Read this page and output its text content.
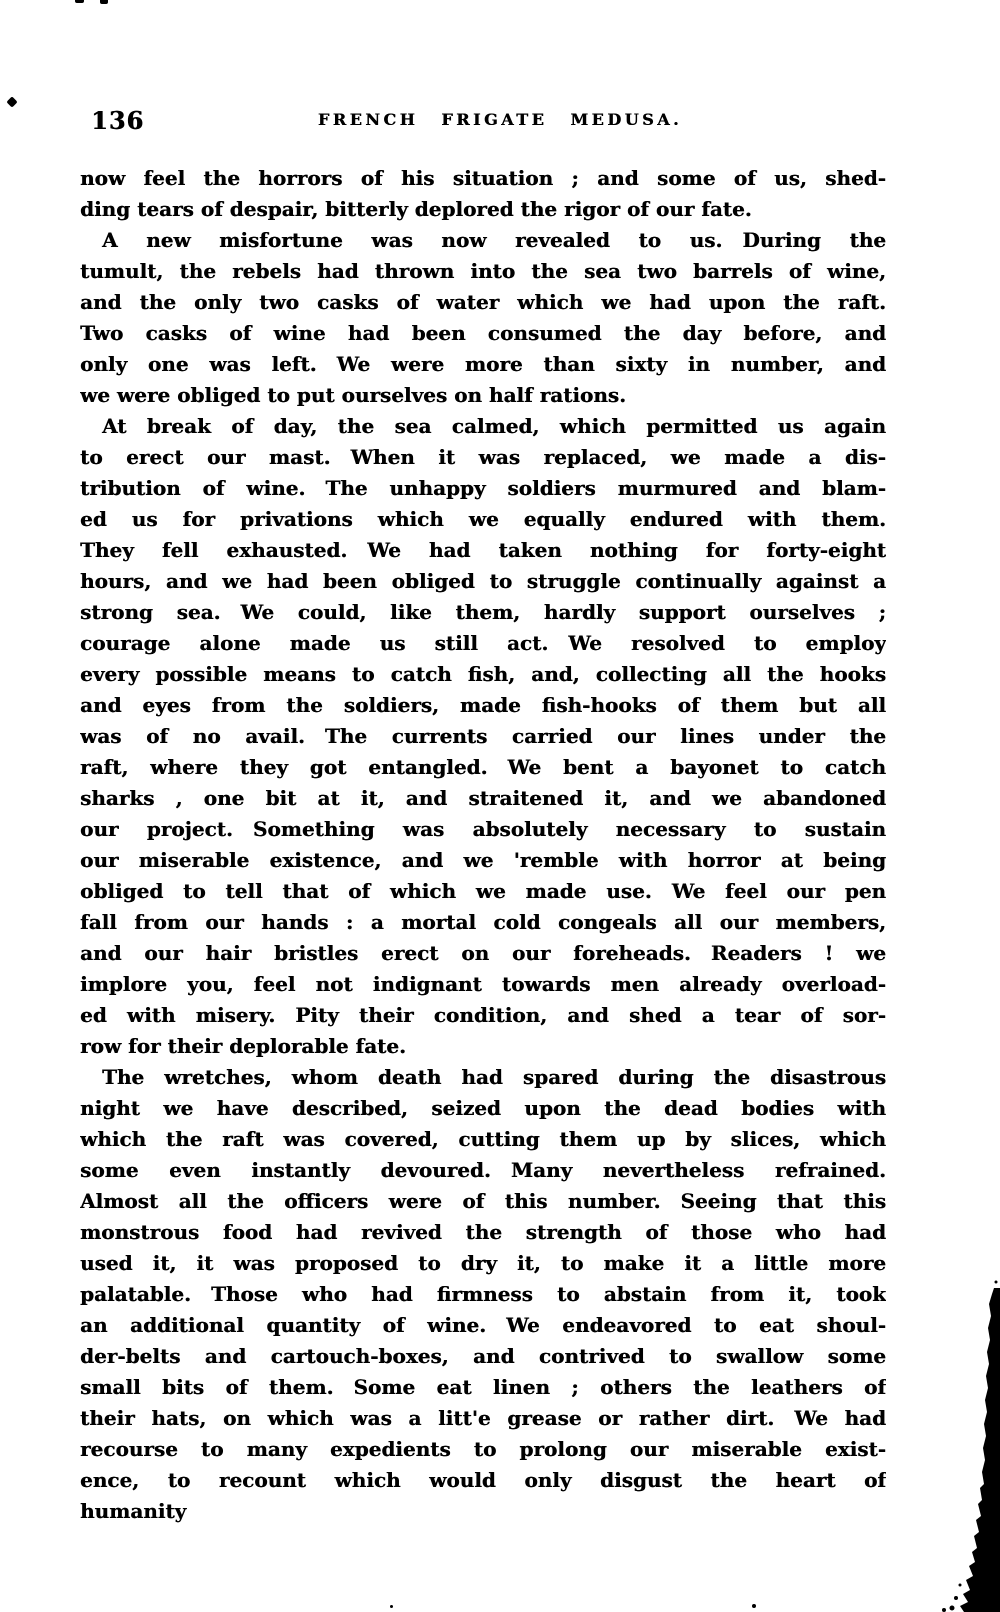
136	FRENCH FRIGATE MEDUSA.
now feel the horrors of his situation ; and some of us, shed-
ding tears of despair, bitterly deplored the rigor of our fate.
A new misfortune was now revealed to us. During the
tumult, the rebels had thrown into the sea two barrels of wine,
and the only two casks of water which we had upon the raft.
Two casks of wine had been consumed the day before, and
only one was left. We were more than sixty in number, and
we were obliged to put ourselves on half rations.
At break of day, the sea calmed, which permitted us again
to erect our mast. When it was replaced, we made a dis-
tribution of wine. The unhappy soldiers murmured and blam-
ed us for privations which we equally endured with them.
They fell exhausted. We had taken nothing for forty-eight
hours, and we had been obliged to struggle continually against a
strong sea. We could, like them, hardly support ourselves ;
courage alone made us still act. We resolved to employ
every possible means to catch fish, and, collecting all the hooks
and eyes from the soldiers, made fish-hooks of them but all
was of no avail. The currents carried our lines under the
raft, where they got entangled. We bent a bayonet to catch
sharks , one bit at it, and straitened it, and we abandoned
our project. Something was absolutely necessary to sustain
our miserable existence, and we 'remble with horror at being
obliged to tell that of which we made use. We feel our pen
fall from our hands : a mortal cold congeals all our members,
and our hair bristles erect on our foreheads. Readers ! we
implore you, feel not indignant towards men already overload-
ed with misery. Pity their condition, and shed a tear of sor-
row for their deplorable fate.
The wretches, whom death had spared during the disastrous
night we have described, seized upon the dead bodies with
which the raft was covered, cutting them up by slices, which
some even instantly devoured. Many nevertheless refrained.
Almost all the officers were of this number. Seeing that this
monstrous food had revived the strength of those who had
used it, it was proposed to dry it, to make it a little more
palatable. Those who had firmness to abstain from it, took
an additional quantity of wine. We endeavored to eat shoul-
der-belts and cartouch-boxes, and contrived to swallow some
small bits of them. Some eat linen ; others the leathers of
their hats, on which was a litt'e grease or rather dirt. We had
recourse to many expedients to prolong our miserable exist-
ence, to recount which would only disgust the heart of
humanity
